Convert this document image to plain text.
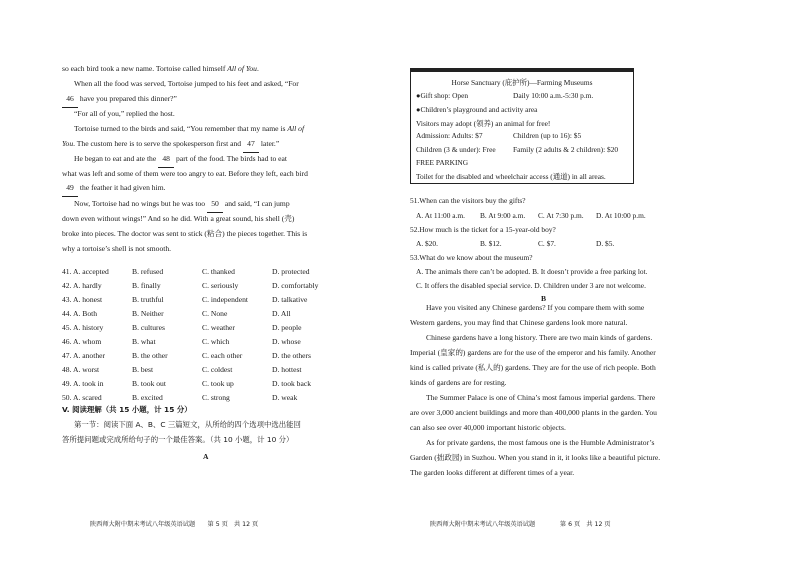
so each bird took a new name. Tortoise called himself All of You.
When all the food was served, Tortoise jumped to his feet and asked, “For
46 have you prepared this dinner?”
“For all of you,” replied the host.
Tortoise turned to the birds and said, “You remember that my name is All of
You. The custom here is to serve the spokesperson first and 47 later.”
He began to eat and ate the 48 part of the food. The birds had to eat
what was left and some of them were too angry to eat. Before they left, each bird
49 the feather it had given him.
Now, Tortoise had no wings but he was too 50 and said, “I can jump
down even without wings!” And so he did. With a great sound, his shell (壳)
broke into pieces. The doctor was sent to stick (粘合) the pieces together. This is
why a tortoise’s shell is not smooth.
41. A. accepted	B. refused	C. thanked	D. protected
42. A. hardly	B. finally	C. seriously	D. comfortably
43. A. honest	B. truthful	C. independent	D. talkative
44. A. Both	B. Neither	C. None	D. All
45. A. history	B. cultures	C. weather	D. people
46. A. whom	B. what	C. which	D. whose
47. A. another	B. the other	C. each other	D. the others
48. A. worst	B. best	C. coldest	D. hottest
49. A. took in	B. took out	C. took up	D. took back
50. A. scared	B. excited	C. strong	D. weak
V. 阅读理解（共 15 小题，计 15 分）
第一节：阅读下面 A、B、C 三篇短文，从所给的四个选项中选出能回
答所提问题或完成所给句子的一个最佳答案。（共 10 小题，计 10 分）
A
陕西师大附中期末考试八年级英语试题　　第 5 页　共 12 页
Horse Sanctuary (庇护所)—Farming Museums
●Gift shop: Open	Daily 10:00 a.m.-5:30 p.m.
●Children’s playground and activity area
Visitors may adopt (领养) an animal for free!
Admission: Adults: $7	Children (up to 16): $5
Children (3 & under): Free Family (2 adults & 2 children): $20
FREE PARKING
Toilet for the disabled and wheelchair access (通道) in all areas.
51.When can the visitors buy the gifts?
A. At 11:00 a.m. B. At 9:00 a.m. C. At 7:30 p.m. D. At 10:00 p.m.
52.How much is the ticket for a 15-year-old boy?
A. $20.	B. $12.	C. $7.	D. $5.
53.What do we know about the museum?
A. The animals there can’t be adopted. B. It doesn’t provide a free parking lot.
C. It offers the disabled special service. D. Children under 3 are not welcome.
B
Have you visited any Chinese gardens? If you compare them with some
Western gardens, you may find that Chinese gardens look more natural.
Chinese gardens have a long history. There are two main kinds of gardens.
Imperial (皇家的) gardens are for the use of the emperor and his family. Another
kind is called private (私人的) gardens. They are for the use of rich people. Both
kinds of gardens are for resting.
The Summer Palace is one of China’s most famous imperial gardens. There
are over 3,000 ancient buildings and more than 400,000 plants in the garden. You
can also see over 40,000 important historic objects.
As for private gardens, the most famous one is the Humble Administrator’s
Garden (拙政园) in Suzhou. When you stand in it, it looks like a beautiful picture.
The garden looks different at different times of a year.
陕西师大附中期末考试八年级英语试题　　　　第 6 页　共 12 页
